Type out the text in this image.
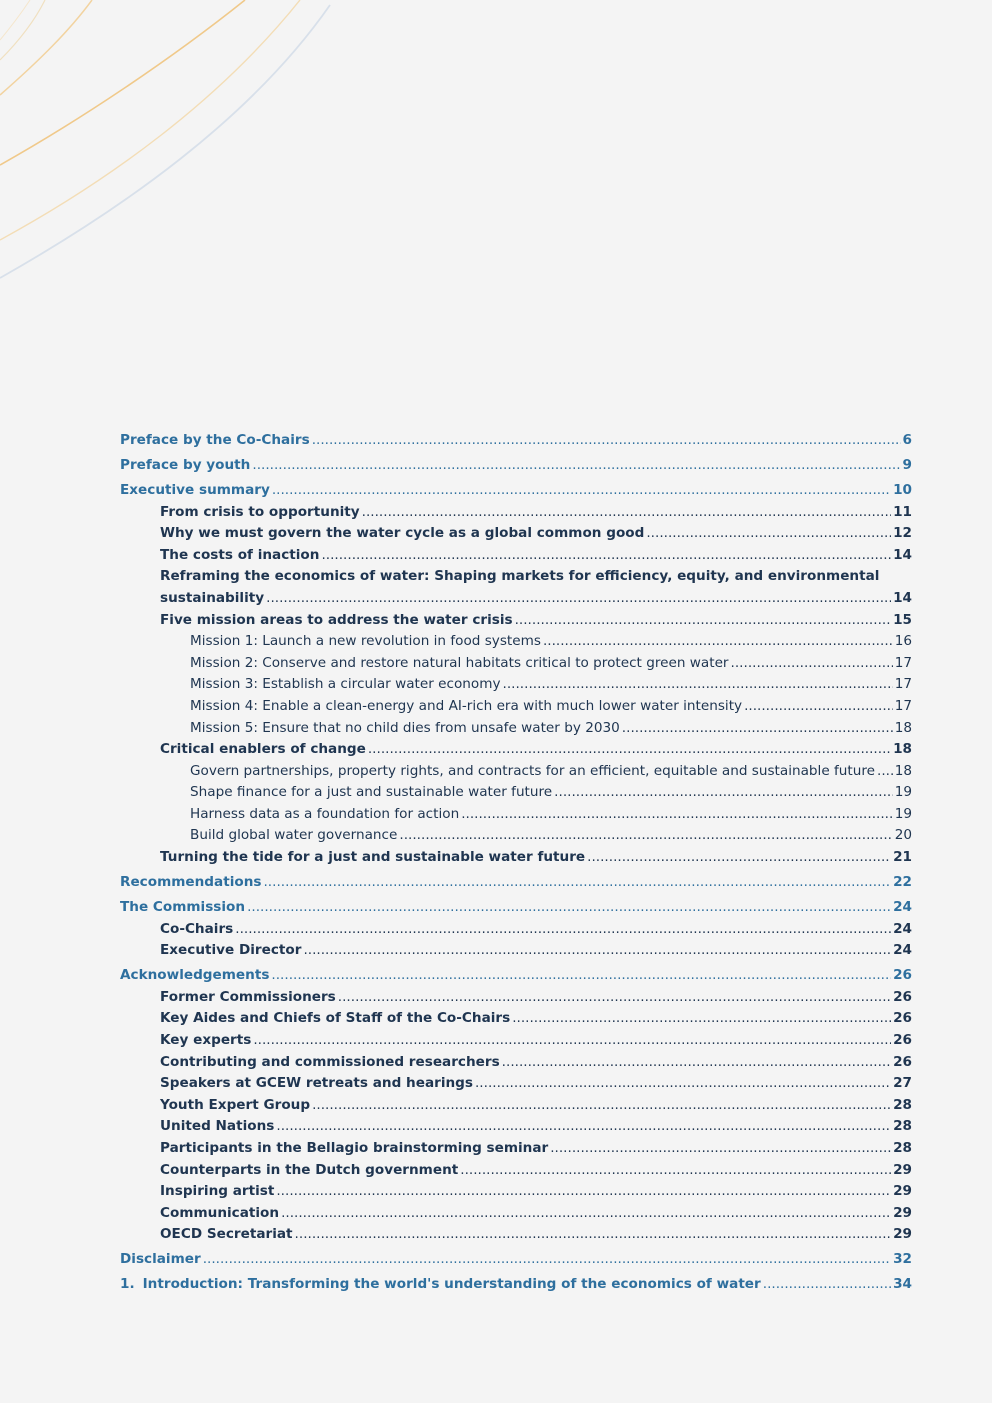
Preface by the Co-Chairs .....	6
Preface by youth .....	9
Executive summary .....	10
From crisis to opportunity .....	11
Why we must govern the water cycle as a global common good .....	12
The costs of inaction .....	14
Reframing the economics of water: Shaping markets for efficiency, equity, and environmental
sustainability .....	14
Five mission areas to address the water crisis .....	15
Mission 1: Launch a new revolution in food systems .....	16
Mission 2: Conserve and restore natural habitats critical to protect green water .....	17
Mission 3: Establish a circular water economy .....	17
Mission 4: Enable a clean-energy and AI-rich era with much lower water intensity .....	17
Mission 5: Ensure that no child dies from unsafe water by 2030 .....	18
Critical enablers of change .....	18
Govern partnerships, property rights, and contracts for an efficient, equitable and sustainable future ..... 18
Shape finance for a just and sustainable water future .....	19
Harness data as a foundation for action .....	19
Build global water governance .....	20
Turning the tide for a just and sustainable water future .....	21
Recommendations .....	22
The Commission .....	24
Co-Chairs .....	24
Executive Director .....	24
Acknowledgements .....	26
Former Commissioners .....	26
Key Aides and Chiefs of Staff of the Co-Chairs .....	26
Key experts .....	26
Contributing and commissioned researchers .....	26
Speakers at GCEW retreats and hearings .....	27
Youth Expert Group .....	28
United Nations .....	28
Participants in the Bellagio brainstorming seminar .....	28
Counterparts in the Dutch government .....	29
Inspiring artist .....	29
Communication .....	29
OECD Secretariat .....	29
Disclaimer .....	32
1. Introduction: Transforming the world's understanding of the economics of water .....	34
